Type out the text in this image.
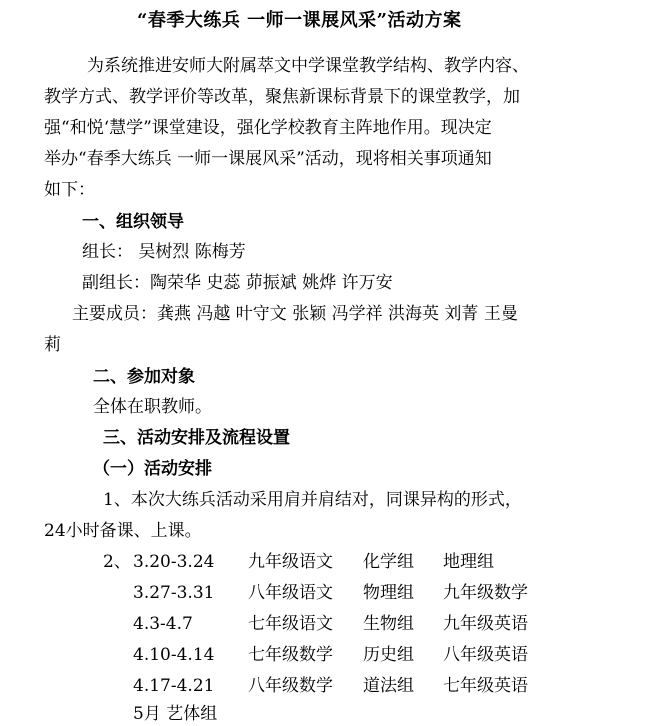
“春季大练兵 一师一课展风采”活动方案
为系统推进安师大附属萃文中学课堂教学结构、教学内容、
教学方式、教学评价等改革，聚焦新课标背景下的课堂教学，加
强“和悦‘慧学”课堂建设，强化学校教育主阵地作用。现决定
举办“春季大练兵 一师一课展风采”活动，现将相关事项通知
如下：
一、组织领导
组长： 吴树烈 陈梅芳
副组长：陶荣华 史蕊 茆振斌 姚烨 许万安
主要成员：龚燕 冯越 叶守文 张颖 冯学祥 洪海英 刘菁 王曼
莉
二、参加对象
全体在职教师。
三、活动安排及流程设置
（一）活动安排
1、本次大练兵活动采用肩并肩结对，同课异构的形式，
24小时备课、上课。
2、 3.20-3.24 九年级语文 化学组 地理组
3.27-3.31 八年级语文 物理组 九年级数学
4.3-4.7	七年级语文 生物组 九年级英语
4.10-4.14 七年级数学 历史组 八年级英语
4.17-4.21 八年级数学 道法组 七年级英语
5月 艺体组
